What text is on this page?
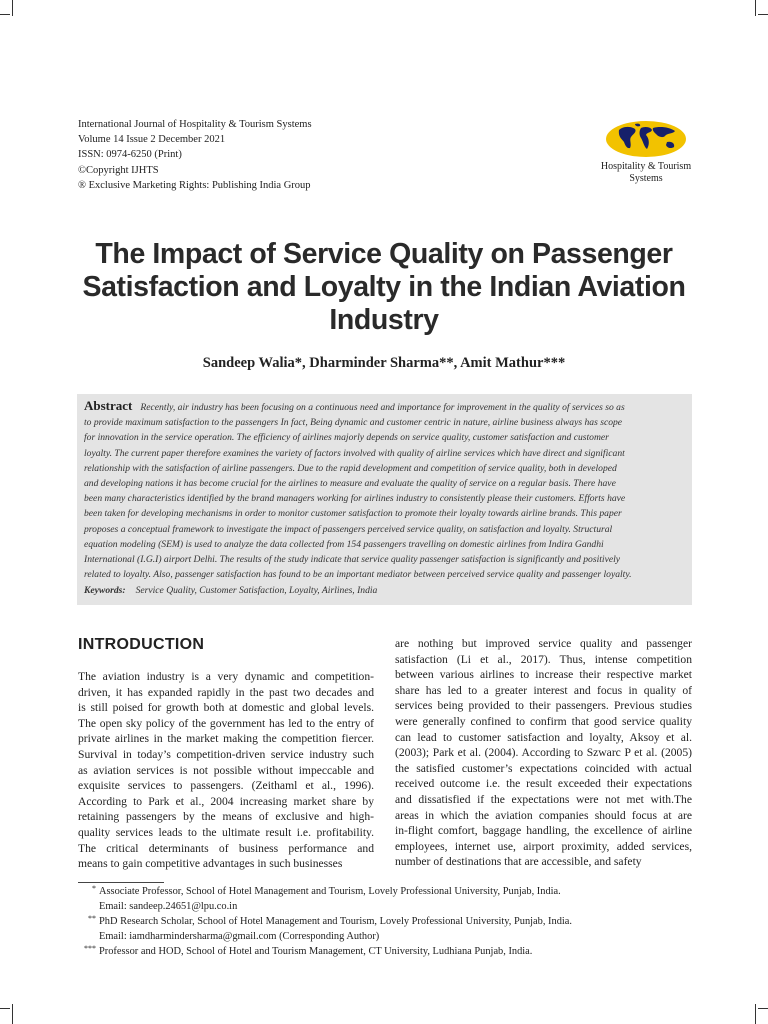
International Journal of Hospitality & Tourism Systems
Volume 14 Issue 2 December 2021
ISSN: 0974-6250 (Print)
©Copyright IJHTS
® Exclusive Marketing Rights: Publishing India Group
Hospitality & Tourism
Systems
The Impact of Service Quality on Passenger
Satisfaction and Loyalty in the Indian Aviation
Industry
Sandeep Walia*, Dharminder Sharma**, Amit Mathur***
Abstract Recently, air industry has been focusing on a continuous need and importance for improvement in the quality of services so as
to provide maximum satisfaction to the passengers In fact, Being dynamic and customer centric in nature, airline business always has scope
for innovation in the service operation. The efficiency of airlines majorly depends on service quality, customer satisfaction and customer
loyalty. The current paper therefore examines the variety of factors involved with quality of airline services which have direct and significant
relationship with the satisfaction of airline passengers. Due to the rapid development and competition of service quality, both in developed
and developing nations it has become crucial for the airlines to measure and evaluate the quality of service on a regular basis. There have
been many characteristics identified by the brand managers working for airlines industry to consistently please their customers. Efforts have
been taken for developing mechanisms in order to monitor customer satisfaction to promote their loyalty towards airline brands. This paper
proposes a conceptual framework to investigate the impact of passengers perceived service quality, on satisfaction and loyalty. Structural
equation modeling (SEM) is used to analyze the data collected from 154 passengers travelling on domestic airlines from Indira Gandhi
International (I.G.I) airport Delhi. The results of the study indicate that service quality passenger satisfaction is significantly and positively
related to loyalty. Also, passenger satisfaction has found to be an important mediator between perceived service quality and passenger loyalty.
Keywords: Service Quality, Customer Satisfaction, Loyalty, Airlines, India
INTRODUCTION
The aviation industry is a very dynamic and competition-
driven, it has expanded rapidly in the past two decades and
is still poised for growth both at domestic and global levels.
The open sky policy of the government has led to the entry of
private airlines in the market making the competition fiercer.
Survival in today’s competition-driven service industry such
as aviation services is not possible without impeccable and
exquisite services to passengers. (Zeithaml et al., 1996).
According to Park et al., 2004 increasing market share by
retaining passengers by the means of exclusive and high-
quality services leads to the ultimate result i.e. profitability.
The critical determinants of business performance and
means to gain competitive advantages in such businesses
are nothing but improved service quality and passenger
satisfaction (Li et al., 2017). Thus, intense competition
between various airlines to increase their respective market
share has led to a greater interest and focus in quality of
services being provided to their passengers. Previous studies
were generally confined to confirm that good service quality
can lead to customer satisfaction and loyalty, Aksoy et al.
(2003); Park et al. (2004). According to Szwarc P et al. (2005)
the satisfied customer’s expectations coincided with actual
received outcome i.e. the result exceeded their expectations
and dissatisfied if the expectations were not met with.The
areas in which the aviation companies should focus at are
in-flight comfort, baggage handling, the excellence of airline
employees, internet use, airport proximity, added services,
number of destinations that are accessible, and safety
* Associate Professor, School of Hotel Management and Tourism, Lovely Professional University, Punjab, India.
Email: sandeep.24651@lpu.co.in
** PhD Research Scholar, School of Hotel Management and Tourism, Lovely Professional University, Punjab, India.
Email: iamdharmindersharma@gmail.com (Corresponding Author)
*** Professor and HOD, School of Hotel and Tourism Management, CT University, Ludhiana Punjab, India.
